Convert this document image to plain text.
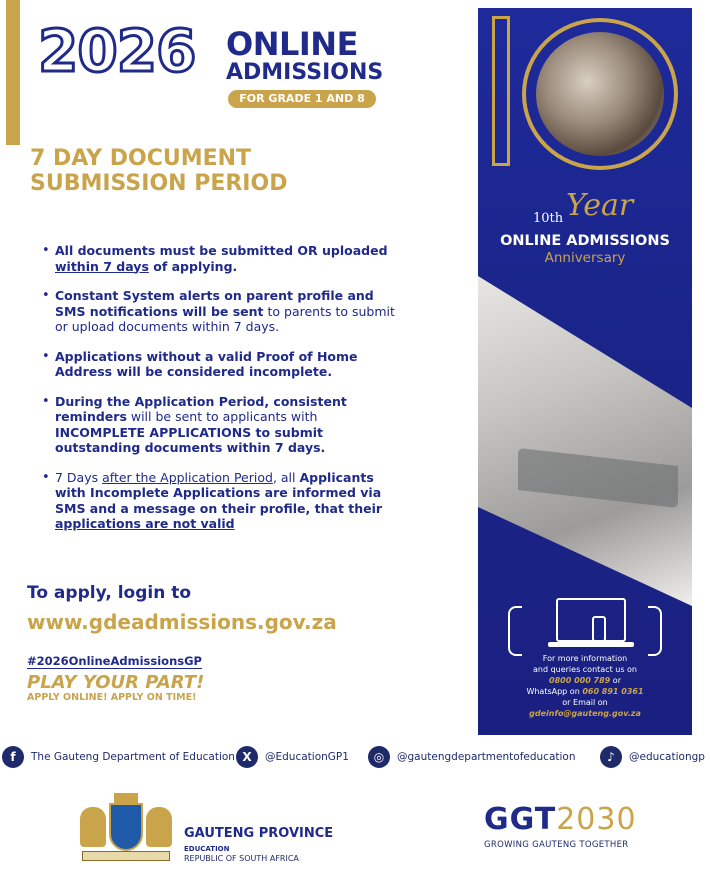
2026 ONLINE
ADMISSIONS
FOR GRADE 1 AND 8
7 DAY DOCUMENT
SUBMISSION PERIOD
• All documents must be submitted OR uploaded within 7 days of applying.
• Constant System alerts on parent profile and SMS notifications will be sent to parents to submit or upload documents within 7 days.
• Applications without a valid Proof of Home Address will be considered incomplete.
• During the Application Period, consistent reminders will be sent to applicants with INCOMPLETE APPLICATIONS to submit outstanding documents within 7 days.
• 7 Days after the Application Period, all Applicants with Incomplete Applications are informed via SMS and a message on their profile, that their applications are not valid
To apply, login to
www.gdeadmissions.gov.za
#2026OnlineAdmissionsGP
PLAY YOUR PART!
APPLY ONLINE! APPLY ON TIME!
Year
10th
ONLINE ADMISSIONS
Anniversary
For more information
and queries contact us on
0800 000 789 or
WhatsApp on 060 891 0361
or Email on
gdeinfo@gauteng.gov.za
f	The Gauteng Department of Education X	@EducationGP1	◎	@gautengdepartmentofeducation	♪	@educationgp
GAUTENG PROVINCE
EDUCATION
REPUBLIC OF SOUTH AFRICA
GGT2030
GROWING GAUTENG TOGETHER
